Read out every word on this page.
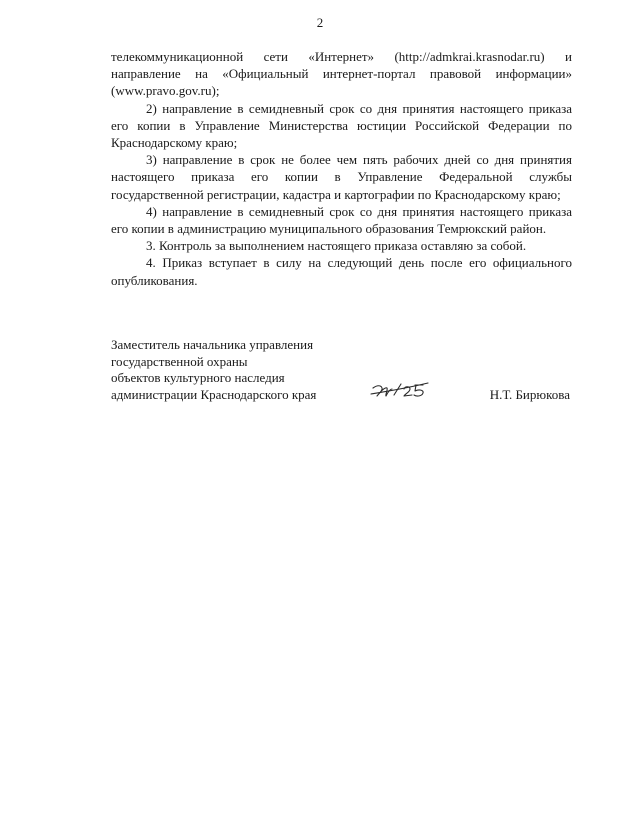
2

телекоммуникационной сети «Интернет» (http://admkrai.krasnodar.ru) и направление на «Официальный интернет-портал правовой информации» (www.pravo.gov.ru);

2) направление в семидневный срок со дня принятия настоящего приказа его копии в Управление Министерства юстиции Российской Федерации по Краснодарскому краю;

3) направление в срок не более чем пять рабочих дней со дня принятия настоящего приказа его копии в Управление Федеральной службы государственной регистрации, кадастра и картографии по Краснодарскому краю;

4) направление в семидневный срок со дня принятия настоящего приказа его копии в администрацию муниципального образования Темрюкский район.

3. Контроль за выполнением настоящего приказа оставляю за собой.

4. Приказ вступает в силу на следующий день после его официального опубликования.

Заместитель начальника управления
государственной охраны
объектов культурного наследия
администрации Краснодарского края	Н.Т. Бирюкова
